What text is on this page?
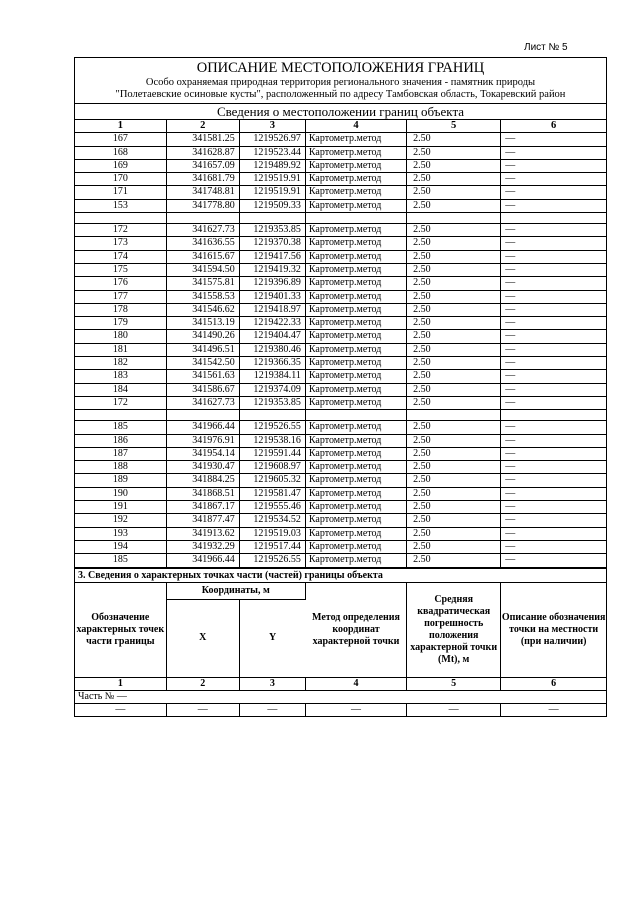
Лист № 5
ОПИСАНИЕ МЕСТОПОЛОЖЕНИЯ ГРАНИЦ
Особо охраняемая природная территория регионального значения - памятник природы
"Полетаевские осиновые кусты", расположенный по адресу Тамбовская область, Токаревский район
Сведения о местоположении границ объекта
1	2	3	4	5	6
167	341581.25	1219526.97	Картометр.метод	2.50	—
168	341628.87	1219523.44	Картометр.метод	2.50	—
169	341657.09	1219489.92	Картометр.метод	2.50	—
170	341681.79	1219519.91	Картометр.метод	2.50	—
171	341748.81	1219519.91	Картометр.метод	2.50	—
153	341778.80	1219509.33	Картометр.метод	2.50	—

172	341627.73	1219353.85	Картометр.метод	2.50	—
173	341636.55	1219370.38	Картометр.метод	2.50	—
174	341615.67	1219417.56	Картометр.метод	2.50	—
175	341594.50	1219419.32	Картометр.метод	2.50	—
176	341575.81	1219396.89	Картометр.метод	2.50	—
177	341558.53	1219401.33	Картометр.метод	2.50	—
178	341546.62	1219418.97	Картометр.метод	2.50	—
179	341513.19	1219422.33	Картометр.метод	2.50	—
180	341490.26	1219404.47	Картометр.метод	2.50	—
181	341496.51	1219380.46	Картометр.метод	2.50	—
182	341542.50	1219366.35	Картометр.метод	2.50	—
183	341561.63	1219384.11	Картометр.метод	2.50	—
184	341586.67	1219374.09	Картометр.метод	2.50	—
172	341627.73	1219353.85	Картометр.метод	2.50	—

185	341966.44	1219526.55	Картометр.метод	2.50	—
186	341976.91	1219538.16	Картометр.метод	2.50	—
187	341954.14	1219591.44	Картометр.метод	2.50	—
188	341930.47	1219608.97	Картометр.метод	2.50	—
189	341884.25	1219605.32	Картометр.метод	2.50	—
190	341868.51	1219581.47	Картометр.метод	2.50	—
191	341867.17	1219555.46	Картометр.метод	2.50	—
192	341877.47	1219534.52	Картометр.метод	2.50	—
193	341913.62	1219519.03	Картометр.метод	2.50	—
194	341932.29	1219517.44	Картометр.метод	2.50	—
185	341966.44	1219526.55	Картометр.метод	2.50	—
3. Сведения о характерных точках части (частей) границы объекта
Обозначение характерных точек части границы	Координаты, м		Метод определения координат характерной точки	Средняя квадратическая погрешность положения характерной точки (Mt), м	Описание обозначения точки на местности (при наличии)
	X	Y			
1	2	3	4	5	6
Часть № —
—	—	—	—	—	—
